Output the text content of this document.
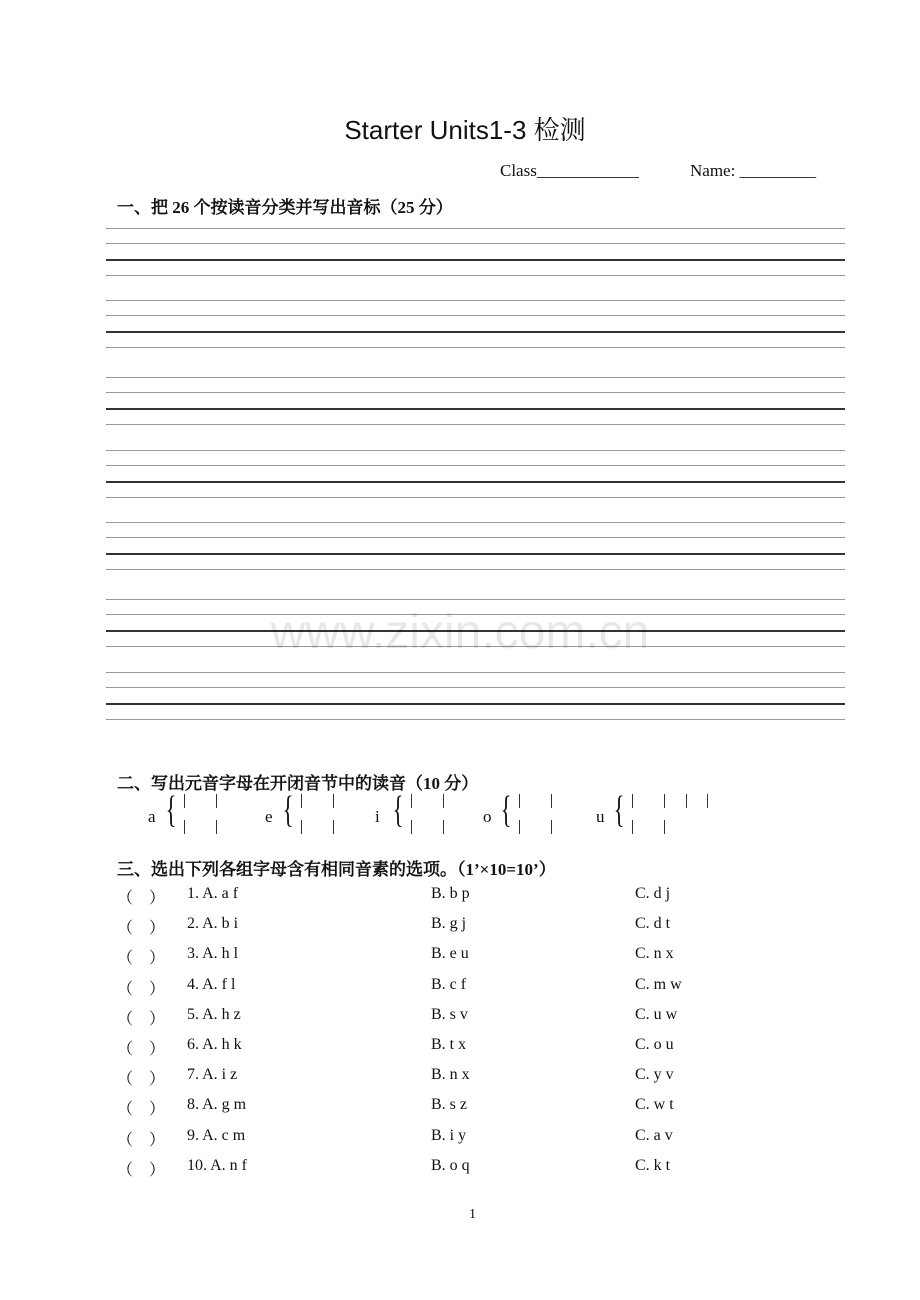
Starter Units1-3 检测
Class____________	Name: _________
一、把 26 个按读音分类并写出音标（25 分）
www.zixin.com.cn
二、写出元音字母在开闭音节中的读音（10 分）
a {	e {	i {	o {	u {
三、选出下列各组字母含有相同音素的选项。（1’×10=10’）
（　） 1. A. a f	B. b p	C. d j
（　） 2. A. b i	B. g j	C. d t
（　） 3. A. h l	B. e u	C. n x
（　） 4. A. f l	B. c f	C. m w
（　） 5. A. h z	B. s v	C. u w
（　） 6. A. h k	B. t x	C. o u
（　） 7. A. i z	B. n x	C. y v
（　） 8. A. g m	B. s z	C. w t
（　） 9. A. c m	B. i y	C. a v
（　） 10. A. n f	B. o q	C. k t
1
